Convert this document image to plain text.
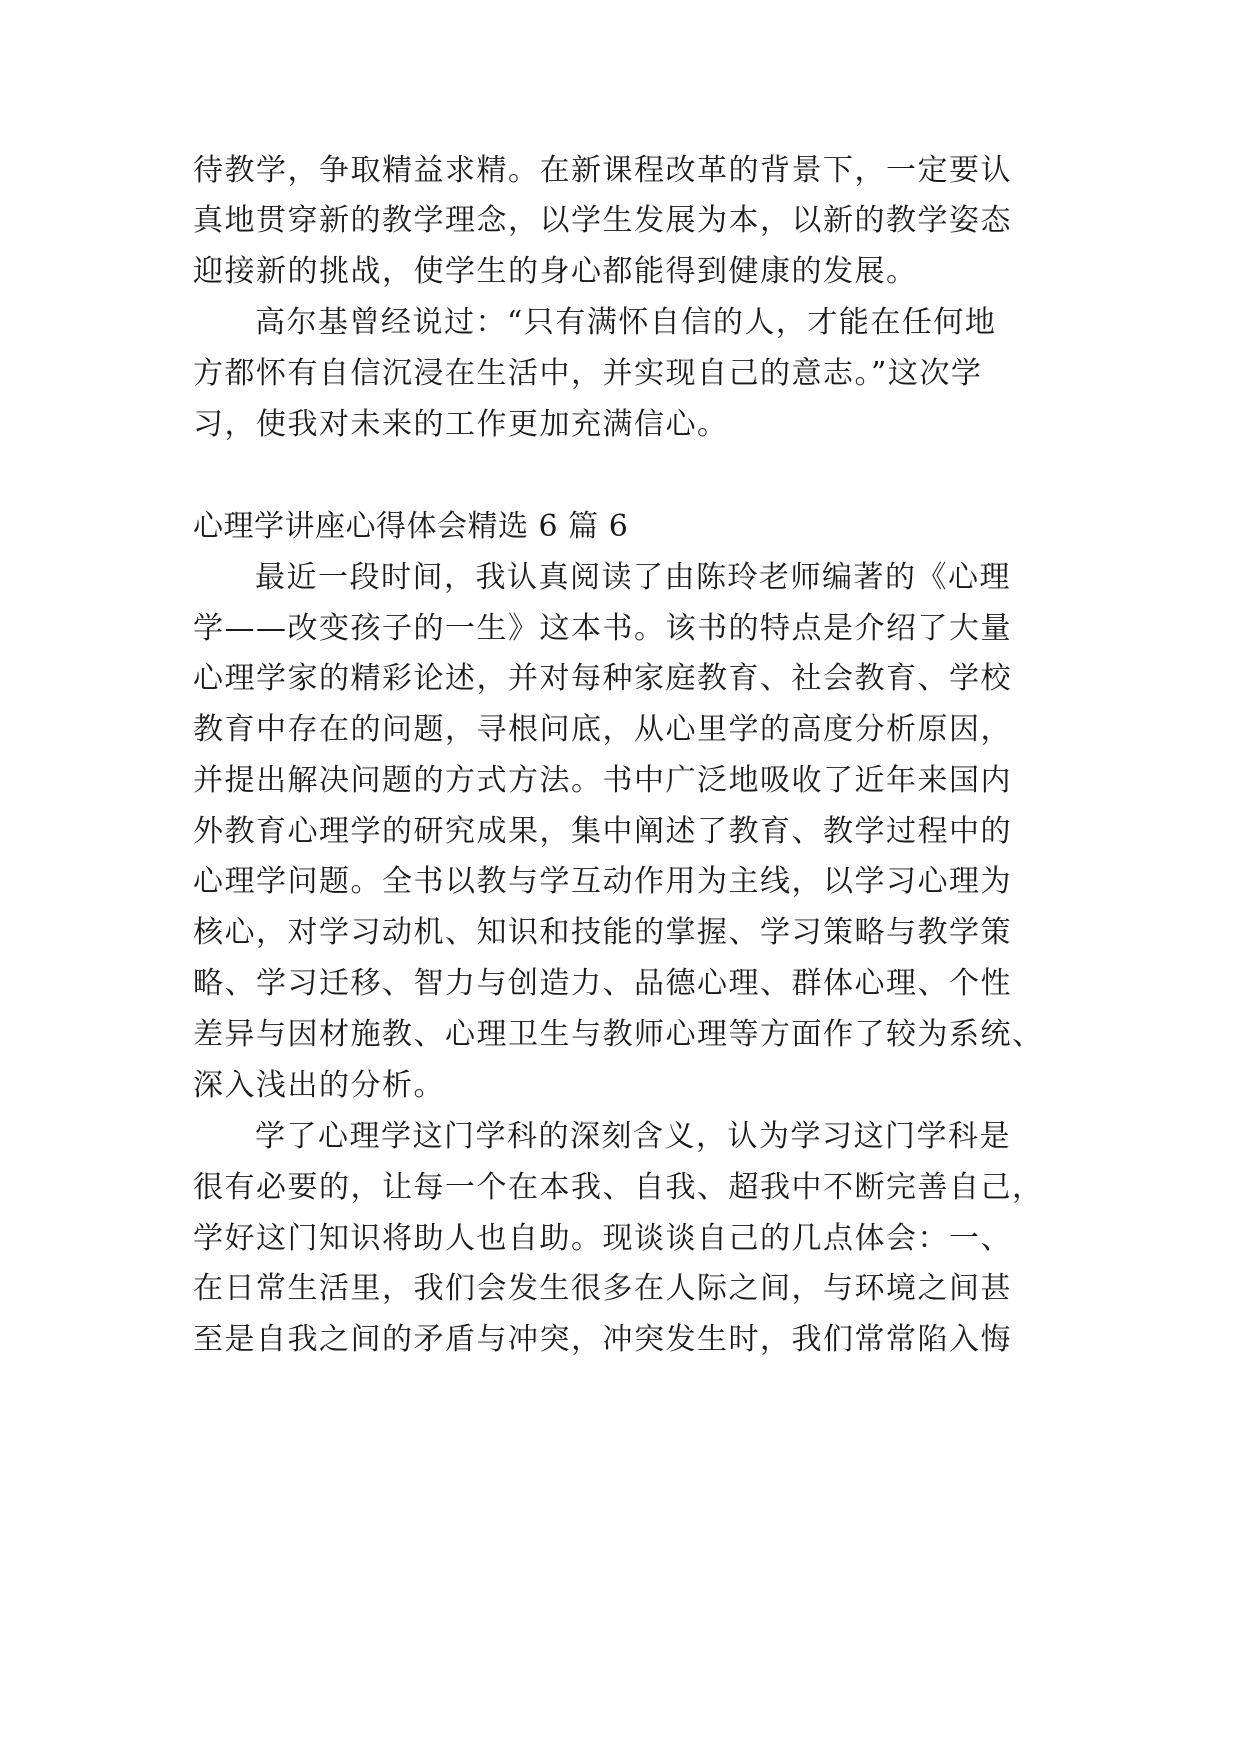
待教学，争取精益求精。在新课程改革的背景下，一定要认
真地贯穿新的教学理念，以学生发展为本，以新的教学姿态
迎接新的挑战，使学生的身心都能得到健康的发展。
高尔基曾经说过：“只有满怀自信的人，才能在任何地
方都怀有自信沉浸在生活中，并实现自己的意志。”这次学
习，使我对未来的工作更加充满信心。
心理学讲座心得体会精选 6 篇 6
最近一段时间，我认真阅读了由陈玲老师编著的《心理
学——改变孩子的一生》这本书。该书的特点是介绍了大量
心理学家的精彩论述，并对每种家庭教育、社会教育、学校
教育中存在的问题，寻根问底，从心里学的高度分析原因，
并提出解决问题的方式方法。书中广泛地吸收了近年来国内
外教育心理学的研究成果，集中阐述了教育、教学过程中的
心理学问题。全书以教与学互动作用为主线，以学习心理为
核心，对学习动机、知识和技能的掌握、学习策略与教学策
略、学习迁移、智力与创造力、品德心理、群体心理、个性
差异与因材施教、心理卫生与教师心理等方面作了较为系统、
深入浅出的分析。
学了心理学这门学科的深刻含义，认为学习这门学科是
很有必要的，让每一个在本我、自我、超我中不断完善自己，
学好这门知识将助人也自助。现谈谈自己的几点体会：一、
在日常生活里，我们会发生很多在人际之间，与环境之间甚
至是自我之间的矛盾与冲突，冲突发生时，我们常常陷入悔
